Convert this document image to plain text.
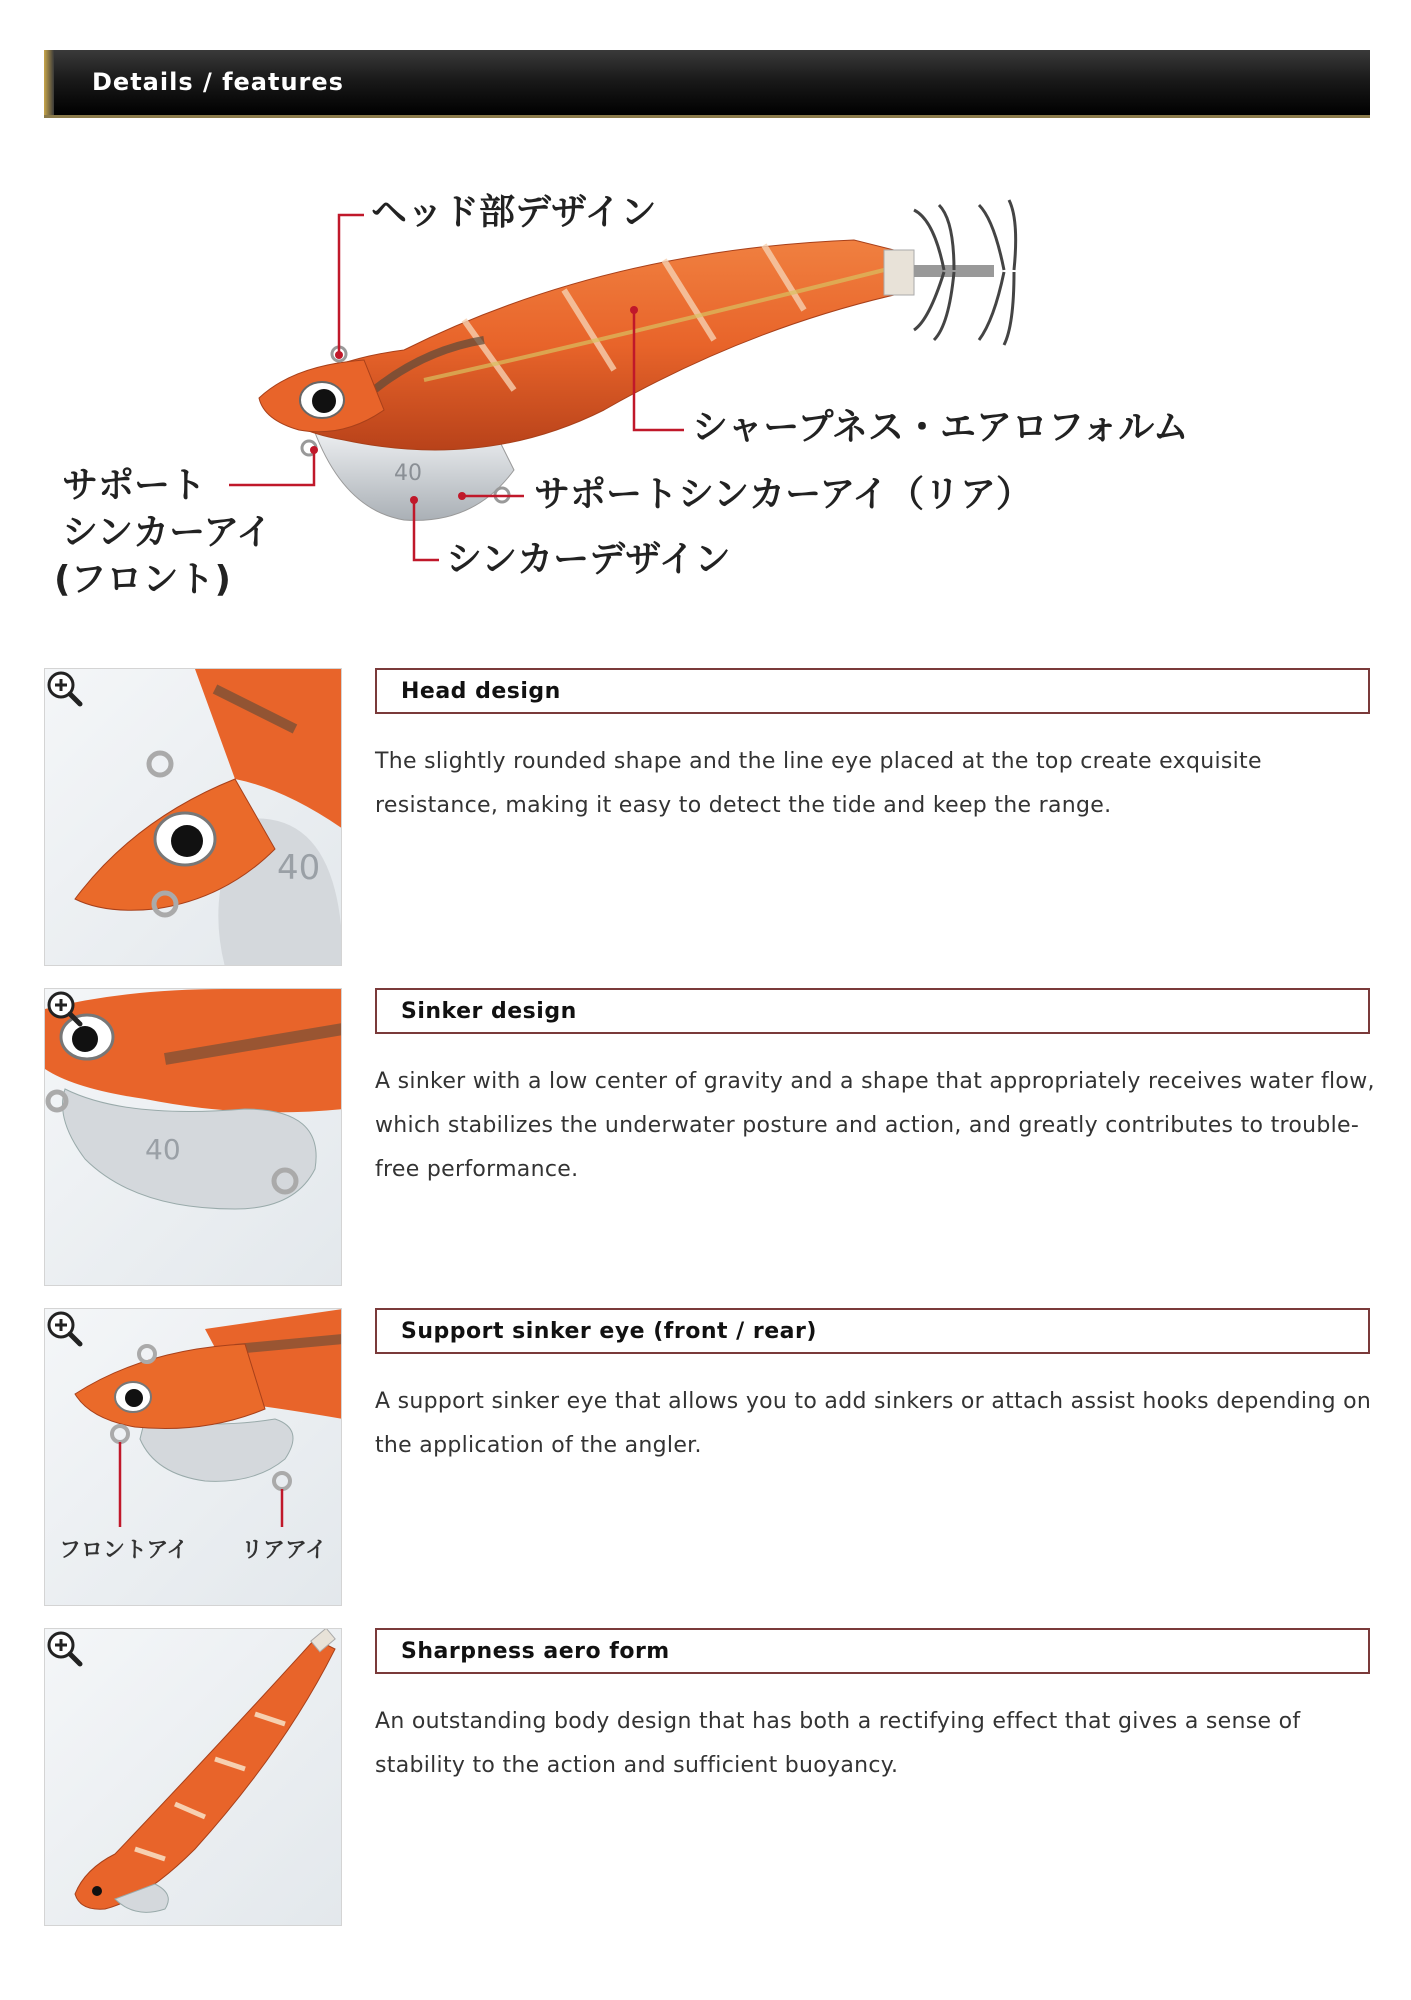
Details / features
40
ヘッド部デザイン
シャープネス・エアロフォルム
サポート
シンカーアイ
(フロント)
サポートシンカーアイ（リア）
シンカーデザイン
40
Head design
The slightly rounded shape and the line eye placed at the top create exquisite resistance, making it easy to detect the tide and keep the range.
40
Sinker design
A sinker with a low center of gravity and a shape that appropriately receives water flow, which stabilizes the underwater posture and action, and greatly contributes to trouble-free performance.
フロントアイ リアアイ
Support sinker eye (front / rear)
A support sinker eye that allows you to add sinkers or attach assist hooks depending on the application of the angler.
Sharpness aero form
An outstanding body design that has both a rectifying effect that gives a sense of stability to the action and sufficient buoyancy.
